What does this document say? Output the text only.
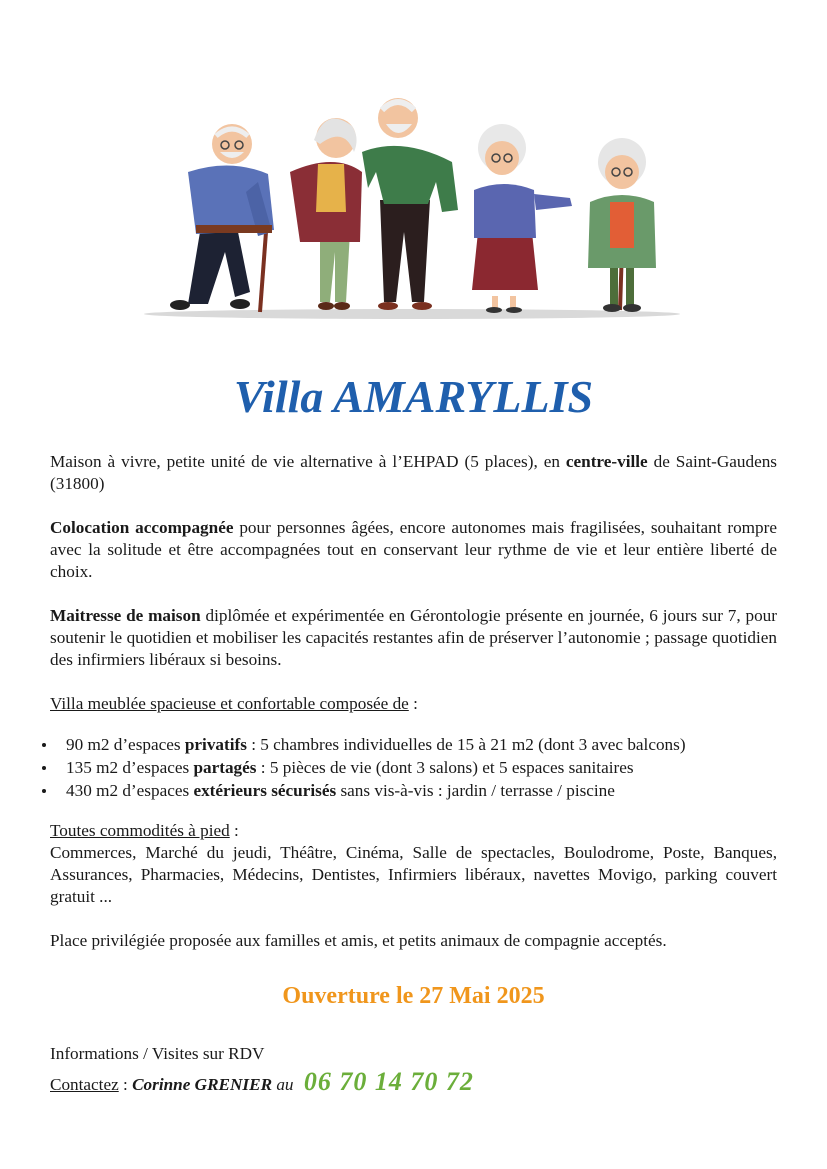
Villa AMARYLLIS

Maison à vivre, petite unité de vie alternative à l’EHPAD (5 places), en centre-ville de Saint-Gaudens (31800)

Colocation accompagnée pour personnes âgées, encore autonomes mais fragilisées, souhaitant rompre avec la solitude et être accompagnées tout en conservant leur rythme de vie et leur entière liberté de choix.

Maitresse de maison diplômée et expérimentée en Gérontologie présente en journée, 6 jours sur 7, pour soutenir le quotidien et mobiliser les capacités restantes afin de préserver l’autonomie ; passage quotidien des infirmiers libéraux si besoins.

Villa meublée spacieuse et confortable composée de :

90 m2 d’espaces privatifs : 5 chambres individuelles de 15 à 21 m2 (dont 3 avec balcons)
135 m2 d’espaces partagés : 5 pièces de vie (dont 3 salons) et 5 espaces sanitaires
430 m2 d’espaces extérieurs sécurisés sans vis-à-vis : jardin / terrasse / piscine

Toutes commodités à pied :
Commerces, Marché du jeudi, Théâtre, Cinéma, Salle de spectacles, Boulodrome, Poste, Banques, Assurances, Pharmacies, Médecins, Dentistes, Infirmiers libéraux, navettes Movigo, parking couvert gratuit ...

Place privilégiée proposée aux familles et amis, et petits animaux de compagnie acceptés.

Ouverture le 27 Mai 2025
Informations / Visites sur RDV
Contactez : Corinne GRENIER au 06 70 14 70 72
